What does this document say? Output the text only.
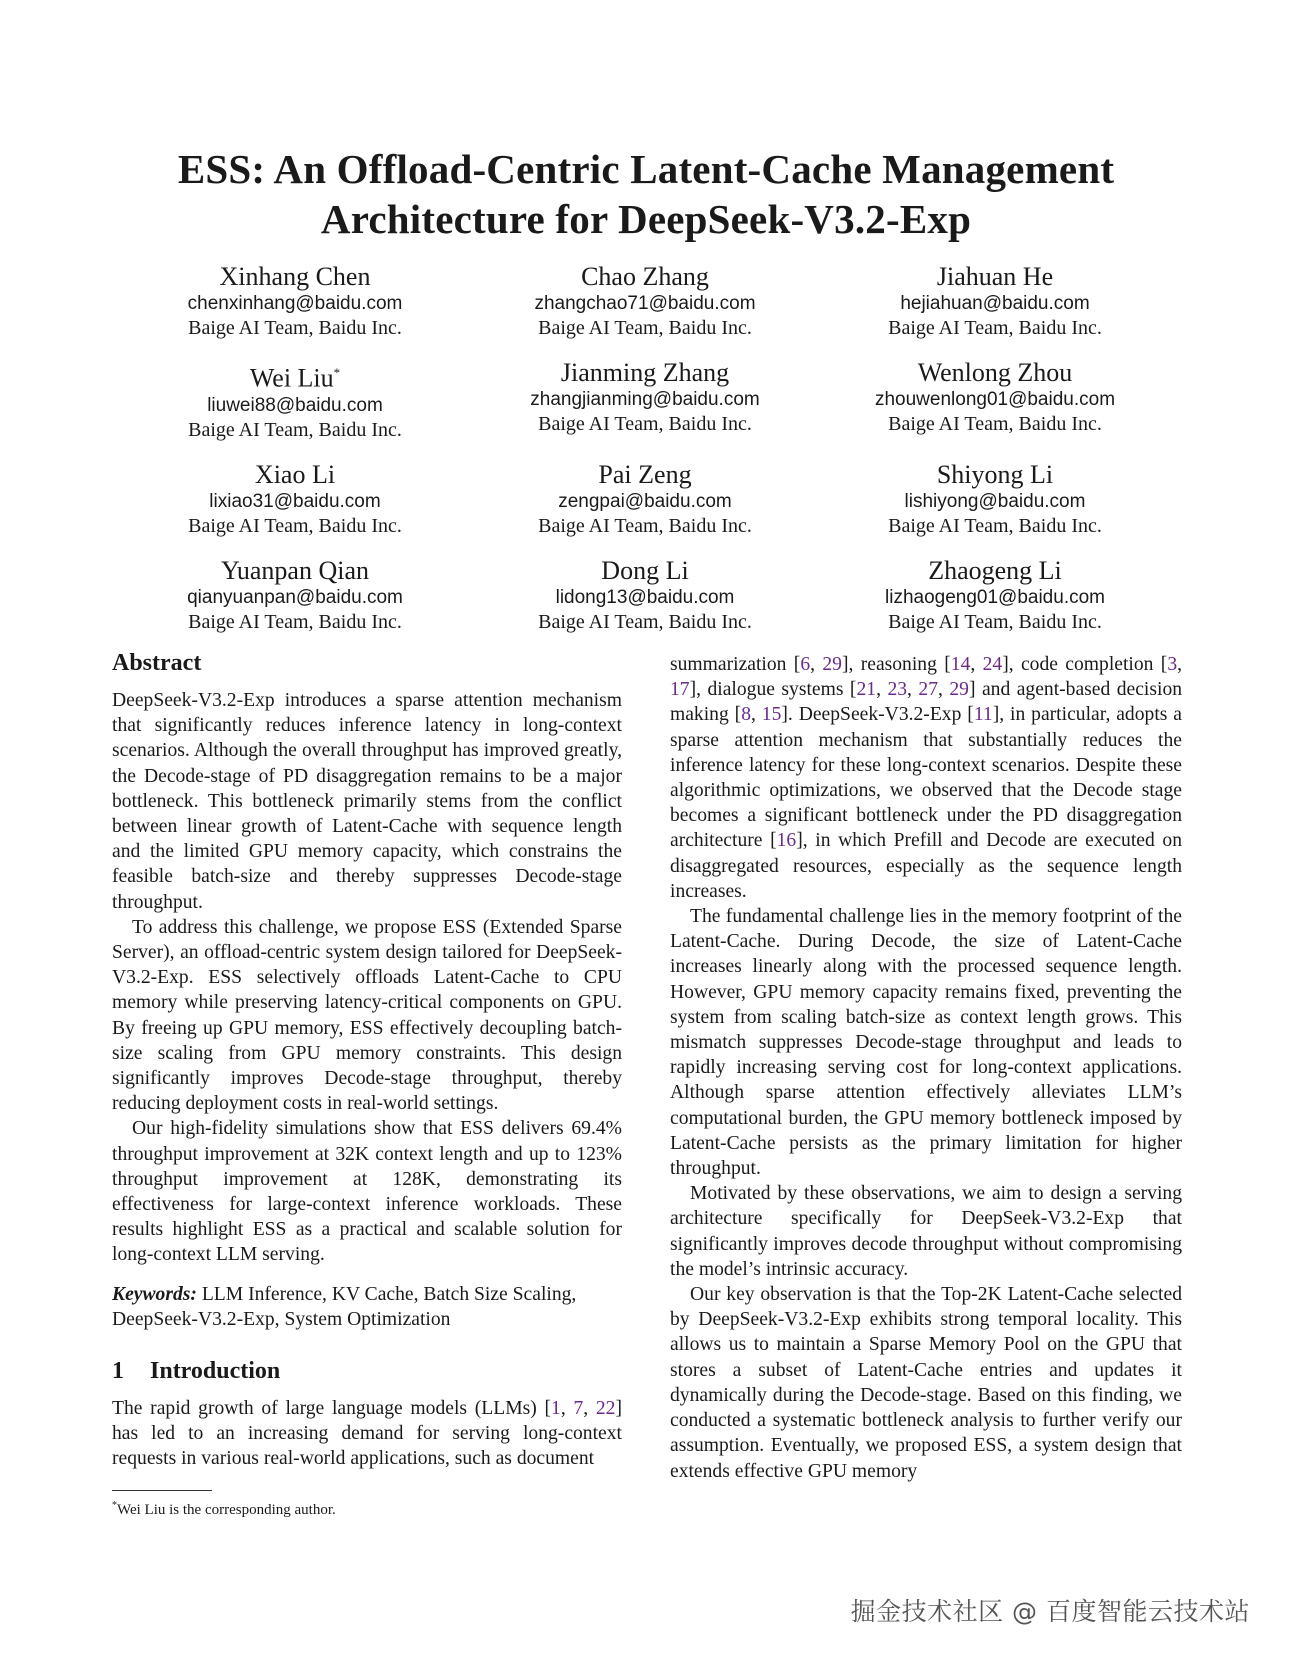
ESS: An Offload-Centric Latent-Cache Management
Architecture for DeepSeek-V3.2-Exp
Xinhang Chen
chenxinhang@baidu.com
Baige AI Team, Baidu Inc.
Chao Zhang
zhangchao71@baidu.com
Baige AI Team, Baidu Inc.
Jiahuan He
hejiahuan@baidu.com
Baige AI Team, Baidu Inc.
Wei Liu*
liuwei88@baidu.com
Baige AI Team, Baidu Inc.
Jianming Zhang
zhangjianming@baidu.com
Baige AI Team, Baidu Inc.
Wenlong Zhou
zhouwenlong01@baidu.com
Baige AI Team, Baidu Inc.
Xiao Li
lixiao31@baidu.com
Baige AI Team, Baidu Inc.
Pai Zeng
zengpai@baidu.com
Baige AI Team, Baidu Inc.
Shiyong Li
lishiyong@baidu.com
Baige AI Team, Baidu Inc.
Yuanpan Qian
qianyuanpan@baidu.com
Baige AI Team, Baidu Inc.
Dong Li
lidong13@baidu.com
Baige AI Team, Baidu Inc.
Zhaogeng Li
lizhaogeng01@baidu.com
Baige AI Team, Baidu Inc.
Abstract

DeepSeek-V3.2-Exp introduces a sparse attention mechanism that significantly reduces inference latency in long-context scenarios. Although the overall throughput has improved greatly, the Decode-stage of PD disaggregation remains to be a major bottleneck. This bottleneck primarily stems from the conflict between linear growth of Latent-Cache with sequence length and the limited GPU memory capacity, which constrains the feasible batch-size and thereby suppresses Decode-stage throughput.

To address this challenge, we propose ESS (Extended Sparse Server), an offload-centric system design tailored for DeepSeek-V3.2-Exp. ESS selectively offloads Latent-Cache to CPU memory while preserving latency-critical components on GPU. By freeing up GPU memory, ESS effectively decoupling batch-size scaling from GPU memory constraints. This design significantly improves Decode-stage throughput, thereby reducing deployment costs in real-world settings.

Our high-fidelity simulations show that ESS delivers 69.4% throughput improvement at 32K context length and up to 123% throughput improvement at 128K, demonstrating its effectiveness for large-context inference workloads. These results highlight ESS as a practical and scalable solution for long-context LLM serving.

Keywords: LLM Inference, KV Cache, Batch Size Scaling, DeepSeek-V3.2-Exp, System Optimization
1 Introduction

The rapid growth of large language models (LLMs) [1, 7, 22] has led to an increasing demand for serving long-context requests in various real-world applications, such as document

summarization [6, 29], reasoning [14, 24], code completion [3, 17], dialogue systems [21, 23, 27, 29] and agent-based decision making [8, 15]. DeepSeek-V3.2-Exp [11], in particular, adopts a sparse attention mechanism that substantially reduces the inference latency for these long-context scenarios. Despite these algorithmic optimizations, we observed that the Decode stage becomes a significant bottleneck under the PD disaggregation architecture [16], in which Prefill and Decode are executed on disaggregated resources, especially as the sequence length increases.

The fundamental challenge lies in the memory footprint of the Latent-Cache. During Decode, the size of Latent-Cache increases linearly along with the processed sequence length. However, GPU memory capacity remains fixed, preventing the system from scaling batch-size as context length grows. This mismatch suppresses Decode-stage throughput and leads to rapidly increasing serving cost for long-context applications. Although sparse attention effectively alleviates LLM’s computational burden, the GPU memory bottleneck imposed by Latent-Cache persists as the primary limitation for higher throughput.

Motivated by these observations, we aim to design a serving architecture specifically for DeepSeek-V3.2-Exp that significantly improves decode throughput without compromising the model’s intrinsic accuracy.

Our key observation is that the Top-2K Latent-Cache selected by DeepSeek-V3.2-Exp exhibits strong temporal locality. This allows us to maintain a Sparse Memory Pool on the GPU that stores a subset of Latent-Cache entries and updates it dynamically during the Decode-stage. Based on this finding, we conducted a systematic bottleneck analysis to further verify our assumption. Eventually, we proposed ESS, a system design that extends effective GPU memory

*Wei Liu is the corresponding author.
掘金技术社区 @ 百度智能云技术站
